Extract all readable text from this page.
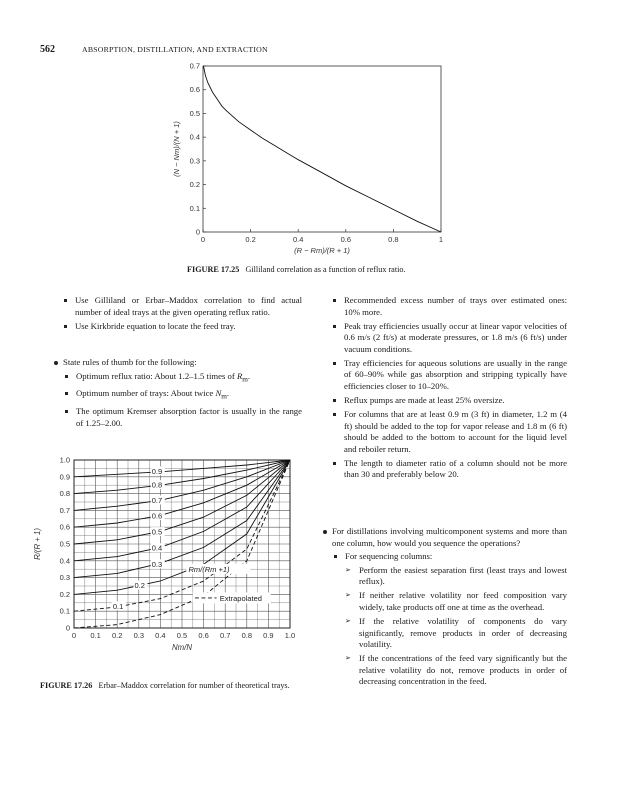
562	ABSORPTION, DISTILLATION, AND EXTRACTION
0	0.2	0.4	0.6	0.8	1
0
0.1
0.2
0.3
0.4
0.5
0.6
0.7
(R − Rm)/(R + 1)
(N − Nm)/(N + 1)
FIGURE 17.25 Gilliland correlation as a function of reflux ratio.
Use Gilliland or Erbar–Maddox correlation to find actual number of ideal trays at the given operating reflux ratio.
Use Kirkbride equation to locate the feed tray.
State rules of thumb for the following:
Optimum reflux ratio: About 1.2–1.5 times of $R_m$.
Optimum number of trays: About twice $N_m$.
The optimum Kremser absorption factor is usually in the range of 1.25–2.00.
0 0.1 0.2 0.3 0.4 0.5 0.6 0.7 0.8 0.9 1.0
0
0.1
0.2
0.3
0.4
0.5
0.6
0.7
0.8
0.9
1.0
0.9
0.8
0.7
0.6
0.5
0.4
0.3
0.2
0.1
Rm/(Rm +1)
Extrapolated
Nm/N
R/(R + 1)
FIGURE 17.26 Erbar–Maddox correlation for number of theoretical trays.
Recommended excess number of trays over estimated ones: 10% more.
Peak tray efficiencies usually occur at linear vapor velocities of 0.6 m/s (2 ft/s) at moderate pressures, or 1.8 m/s (6 ft/s) under vacuum conditions.
Tray efficiencies for aqueous solutions are usually in the range of 60–90% while gas absorption and stripping typically have efficiencies closer to 10–20%.
Reflux pumps are made at least 25% oversize.
For columns that are at least 0.9 m (3 ft) in diameter, 1.2 m (4 ft) should be added to the top for vapor release and 1.8 m (6 ft) should be added to the bottom to account for the liquid level and reboiler return.
The length to diameter ratio of a column should not be more than 30 and preferably below 20.
For distillations involving multicomponent systems and more than one column, how would you sequence the operations?
For sequencing columns:
➢ Perform the easiest separation first (least trays and lowest reflux).
➢ If neither relative volatility nor feed composition vary widely, take products off one at time as the overhead.
➢ If the relative volatility of components do vary significantly, remove products in order of decreasing volatility.
➢ If the concentrations of the feed vary significantly but the relative volatility do not, remove products in order of decreasing concentration in the feed.
